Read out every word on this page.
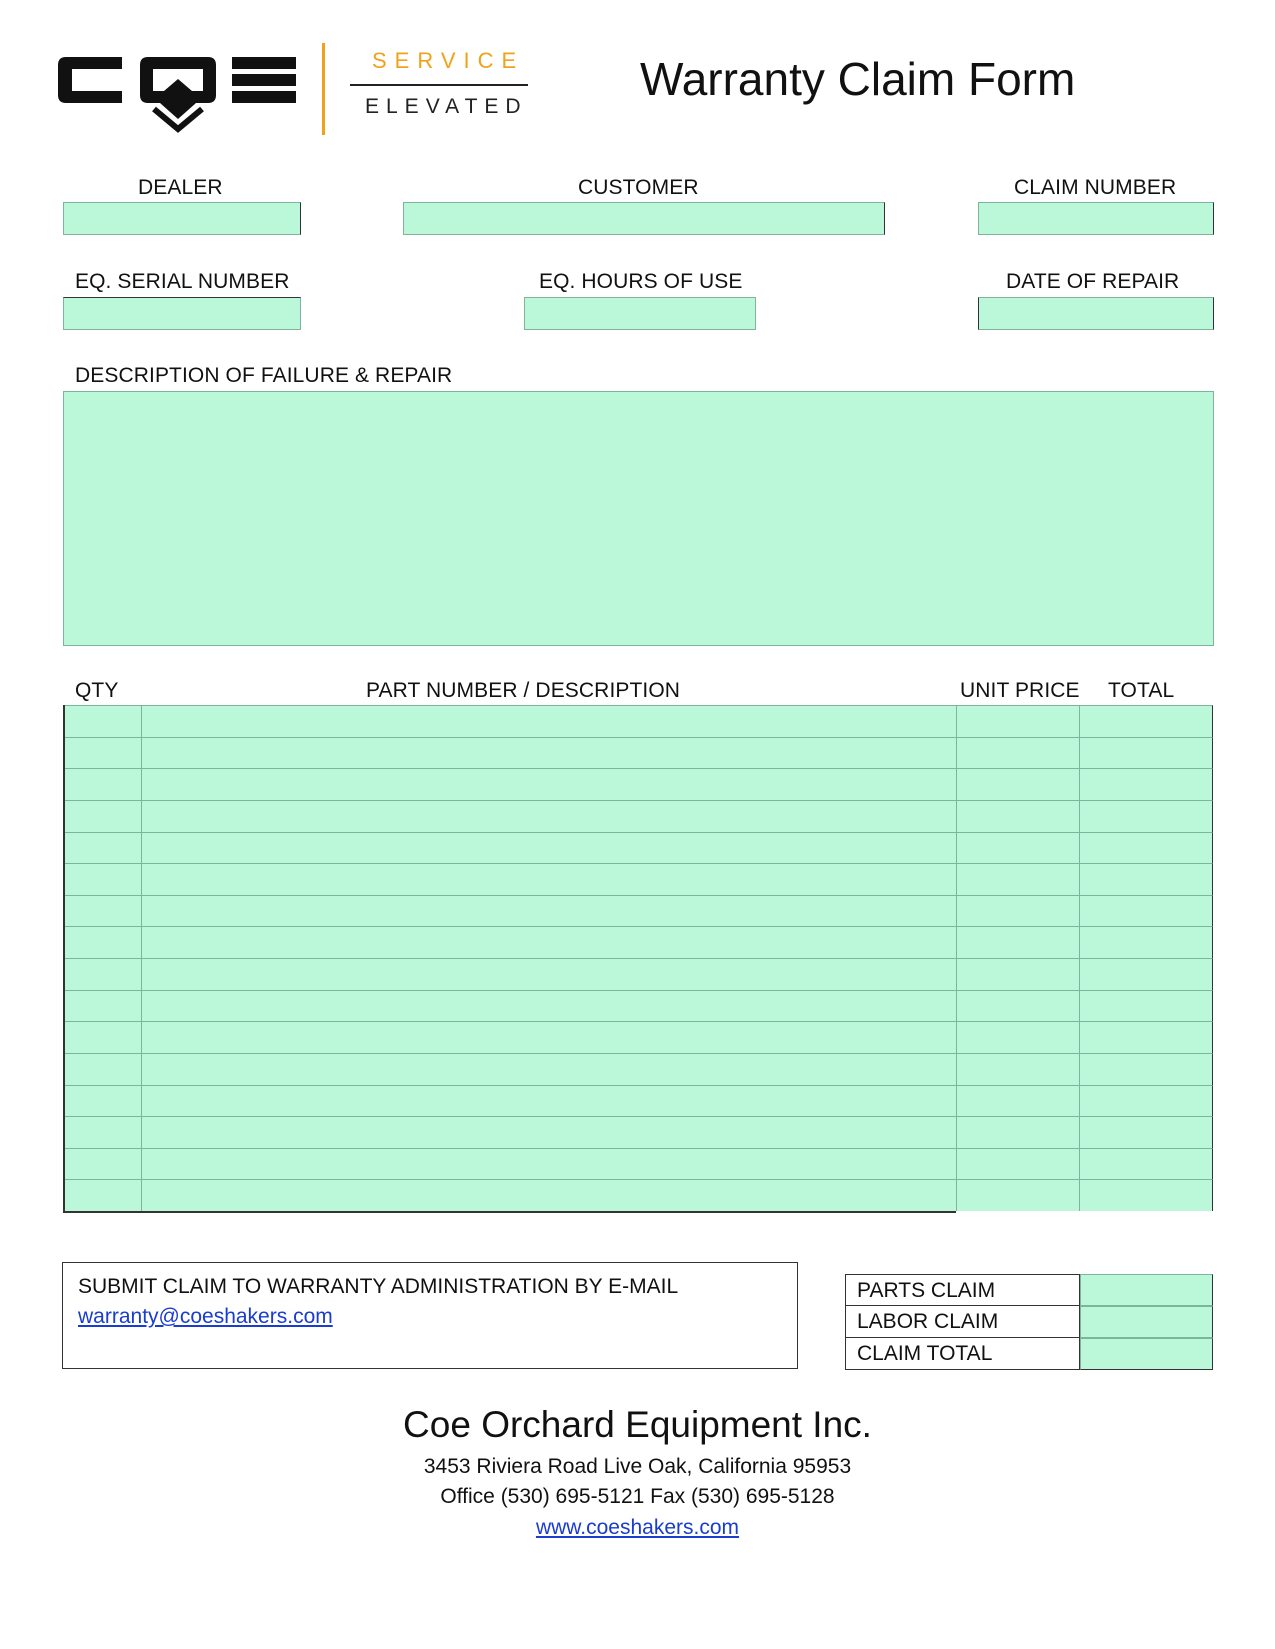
SERVICE
ELEVATED
Warranty Claim Form
DEALER	CUSTOMER	CLAIM NUMBER
EQ. SERIAL NUMBER	EQ. HOURS OF USE	DATE OF REPAIR
DESCRIPTION OF FAILURE & REPAIR
QTY	PART NUMBER / DESCRIPTION	UNIT PRICE TOTAL
SUBMIT CLAIM TO WARRANTY ADMINISTRATION BY E-MAIL
warranty@coeshakers.com
PARTS CLAIM
LABOR CLAIM
CLAIM TOTAL
Coe Orchard Equipment Inc.
3453 Riviera Road Live Oak, California 95953
Office (530) 695-5121 Fax (530) 695-5128
www.coeshakers.com
